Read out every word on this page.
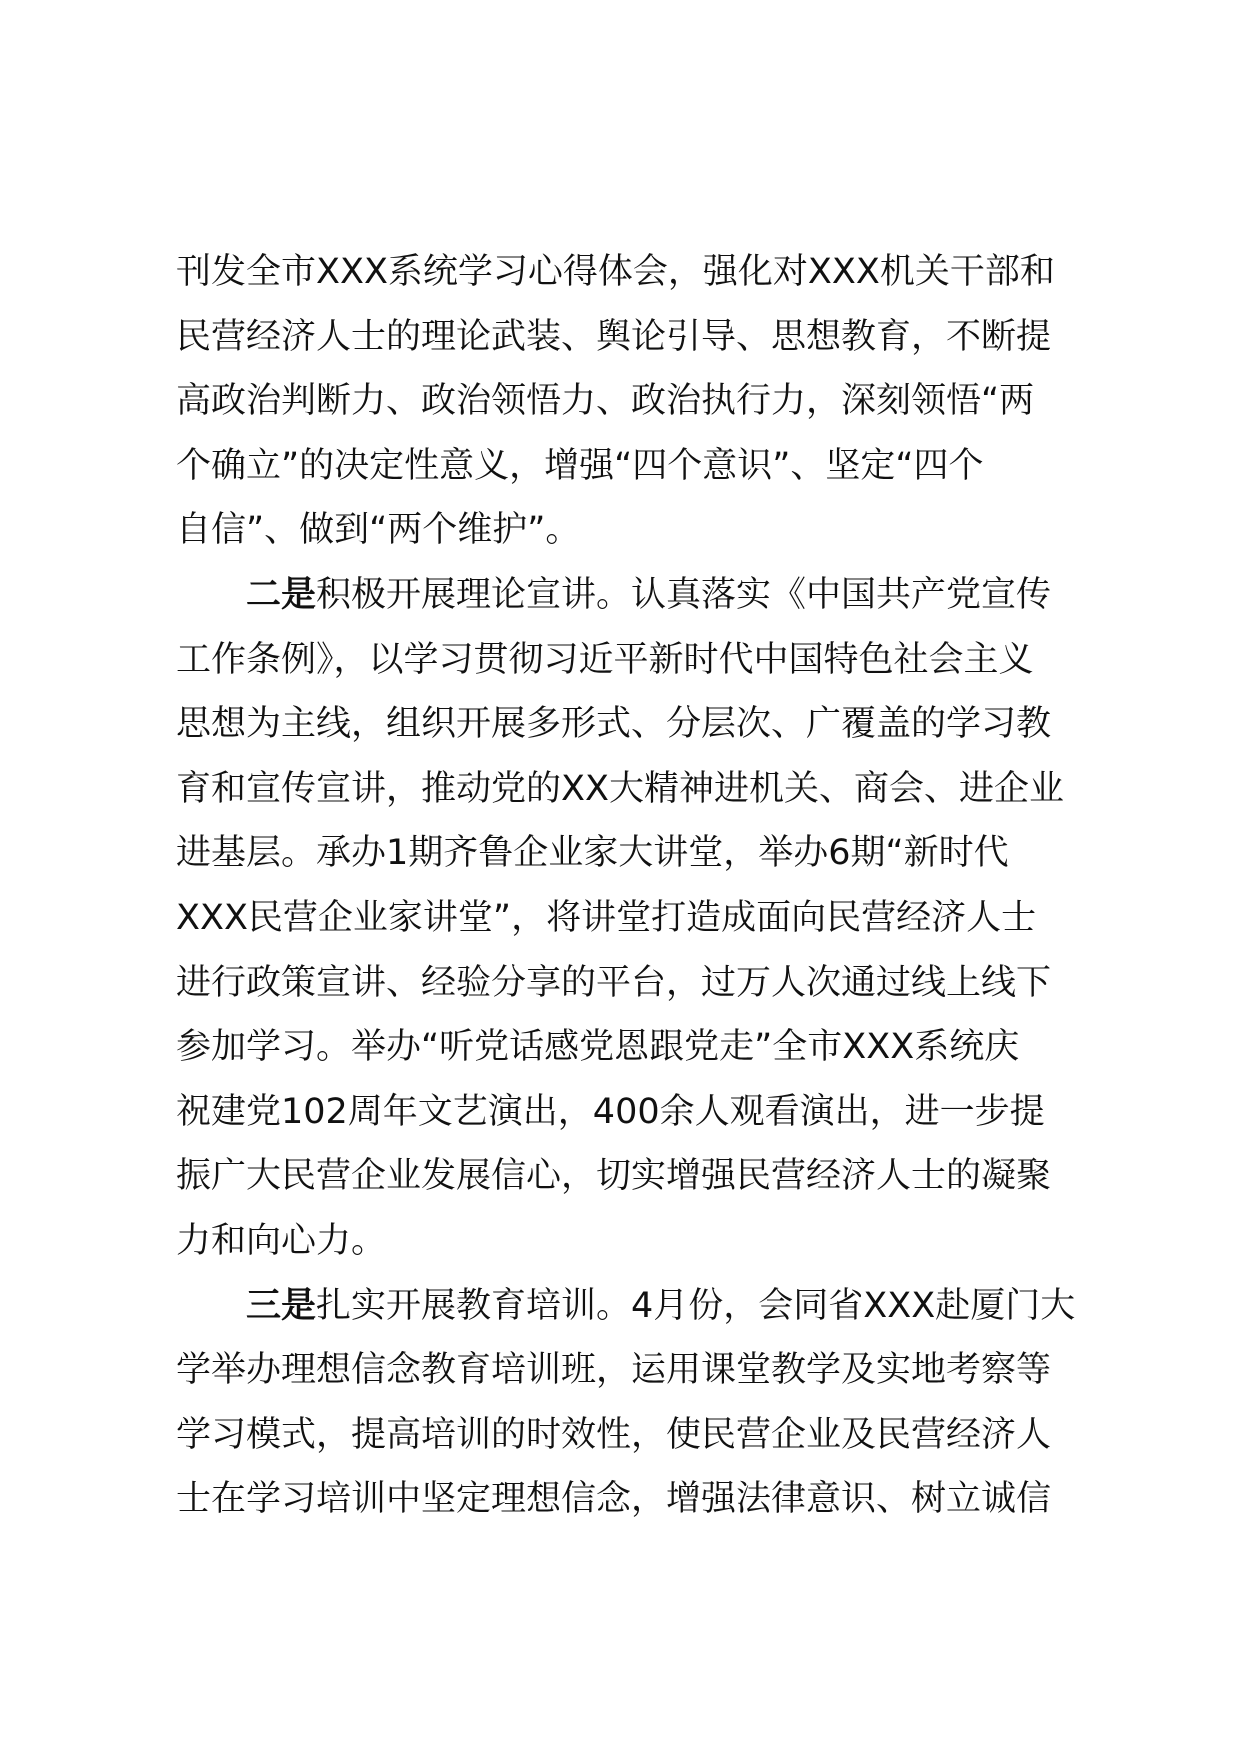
刊发全市XXX系统学习心得体会，强化对XXX机关干部和
民营经济人士的理论武装、舆论引导、思想教育，不断提
高政治判断力、政治领悟力、政治执行力，深刻领悟“两
个确立”的决定性意义，增强“四个意识”、坚定“四个
自信”、做到“两个维护”。

二是积极开展理论宣讲。认真落实《中国共产党宣传
工作条例》，以学习贯彻习近平新时代中国特色社会主义
思想为主线，组织开展多形式、分层次、广覆盖的学习教
育和宣传宣讲，推动党的XX大精神进机关、商会、进企业
进基层。承办1期齐鲁企业家大讲堂，举办6期“新时代
XXX民营企业家讲堂”，将讲堂打造成面向民营经济人士
进行政策宣讲、经验分享的平台，过万人次通过线上线下
参加学习。举办“听党话感党恩跟党走”全市XXX系统庆
祝建党102周年文艺演出，400余人观看演出，进一步提
振广大民营企业发展信心，切实增强民营经济人士的凝聚
力和向心力。

三是扎实开展教育培训。4月份，会同省XXX赴厦门大
学举办理想信念教育培训班，运用课堂教学及实地考察等
学习模式，提高培训的时效性，使民营企业及民营经济人
士在学习培训中坚定理想信念，增强法律意识、树立诚信
